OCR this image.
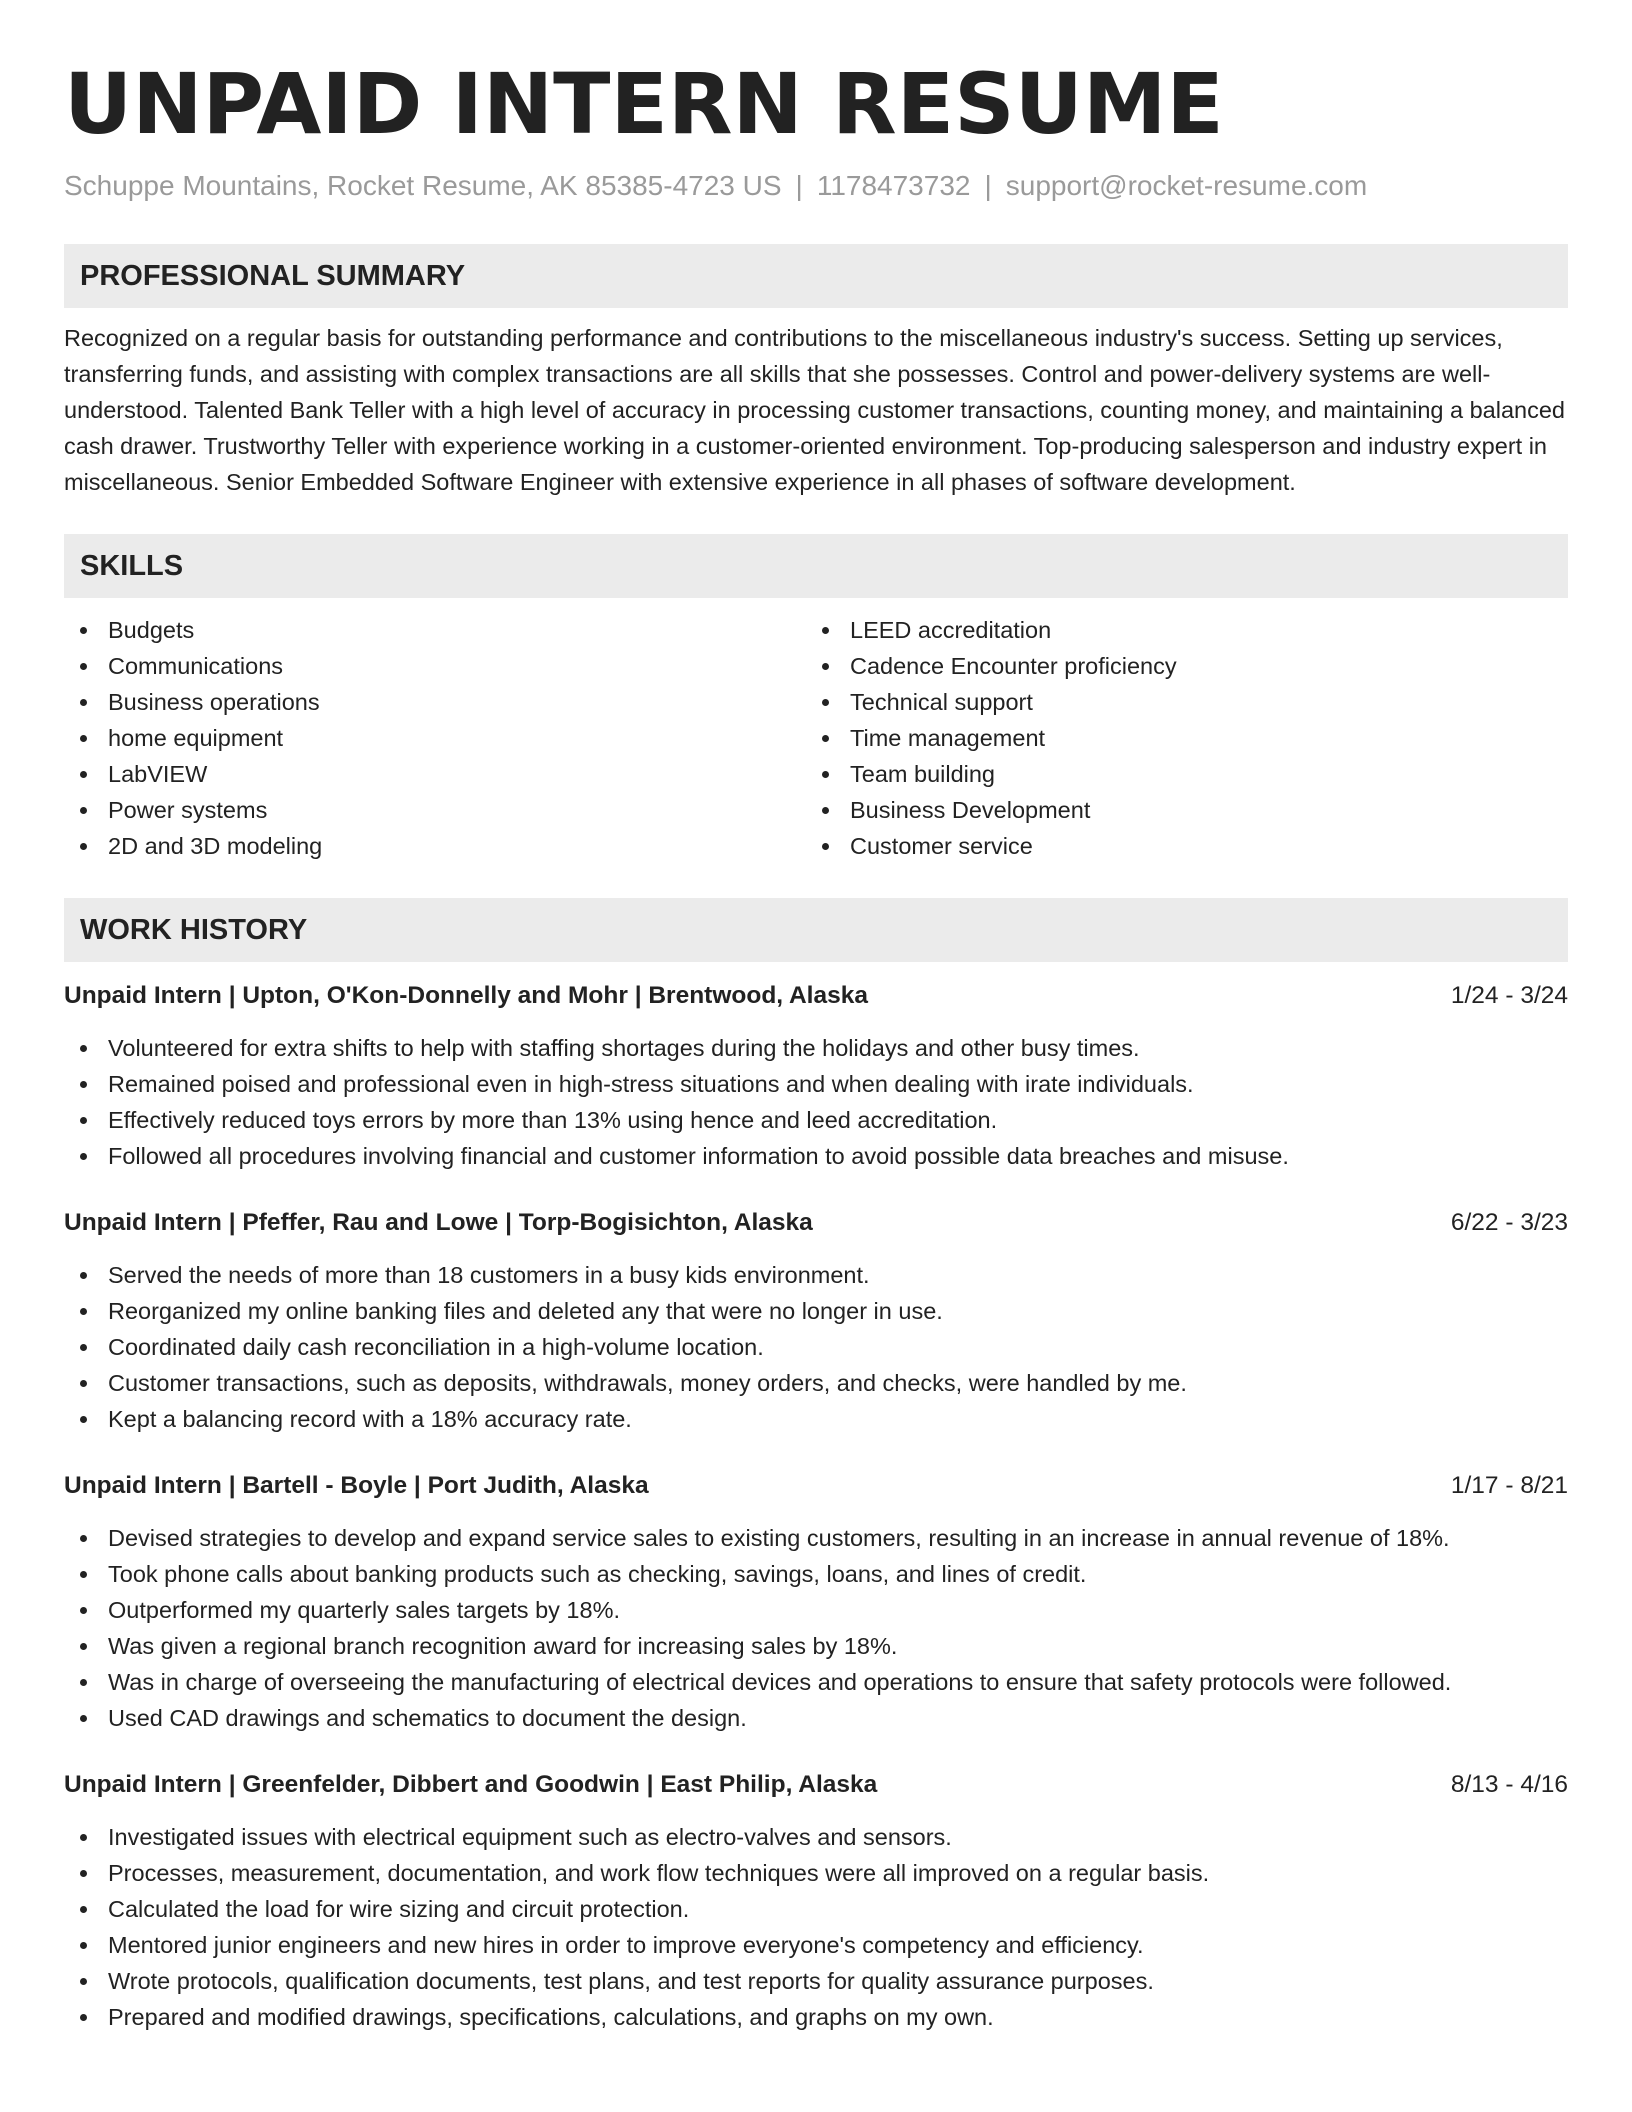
UNPAID INTERN RESUME
Schuppe Mountains, Rocket Resume, AK 85385-4723 US | 1178473732 | support@rocket-resume.com
PROFESSIONAL SUMMARY
Recognized on a regular basis for outstanding performance and contributions to the miscellaneous industry's success. Setting up services, transferring funds, and assisting with complex transactions are all skills that she possesses. Control and power-delivery systems are well-understood. Talented Bank Teller with a high level of accuracy in processing customer transactions, counting money, and maintaining a balanced cash drawer. Trustworthy Teller with experience working in a customer-oriented environment. Top-producing salesperson and industry expert in miscellaneous. Senior Embedded Software Engineer with extensive experience in all phases of software development.
SKILLS
Budgets
Communications
Business operations
home equipment
LabVIEW
Power systems
2D and 3D modeling
LEED accreditation
Cadence Encounter proficiency
Technical support
Time management
Team building
Business Development
Customer service
WORK HISTORY
Unpaid Intern | Upton, O'Kon-Donnelly and Mohr | Brentwood, Alaska	1/24 - 3/24
Volunteered for extra shifts to help with staffing shortages during the holidays and other busy times.
Remained poised and professional even in high-stress situations and when dealing with irate individuals.
Effectively reduced toys errors by more than 13% using hence and leed accreditation.
Followed all procedures involving financial and customer information to avoid possible data breaches and misuse.
Unpaid Intern | Pfeffer, Rau and Lowe | Torp-Bogisichton, Alaska	6/22 - 3/23
Served the needs of more than 18 customers in a busy kids environment.
Reorganized my online banking files and deleted any that were no longer in use.
Coordinated daily cash reconciliation in a high-volume location.
Customer transactions, such as deposits, withdrawals, money orders, and checks, were handled by me.
Kept a balancing record with a 18% accuracy rate.
Unpaid Intern | Bartell - Boyle | Port Judith, Alaska	1/17 - 8/21
Devised strategies to develop and expand service sales to existing customers, resulting in an increase in annual revenue of 18%.
Took phone calls about banking products such as checking, savings, loans, and lines of credit.
Outperformed my quarterly sales targets by 18%.
Was given a regional branch recognition award for increasing sales by 18%.
Was in charge of overseeing the manufacturing of electrical devices and operations to ensure that safety protocols were followed.
Used CAD drawings and schematics to document the design.
Unpaid Intern | Greenfelder, Dibbert and Goodwin | East Philip, Alaska	8/13 - 4/16
Investigated issues with electrical equipment such as electro-valves and sensors.
Processes, measurement, documentation, and work flow techniques were all improved on a regular basis.
Calculated the load for wire sizing and circuit protection.
Mentored junior engineers and new hires in order to improve everyone's competency and efficiency.
Wrote protocols, qualification documents, test plans, and test reports for quality assurance purposes.
Prepared and modified drawings, specifications, calculations, and graphs on my own.
